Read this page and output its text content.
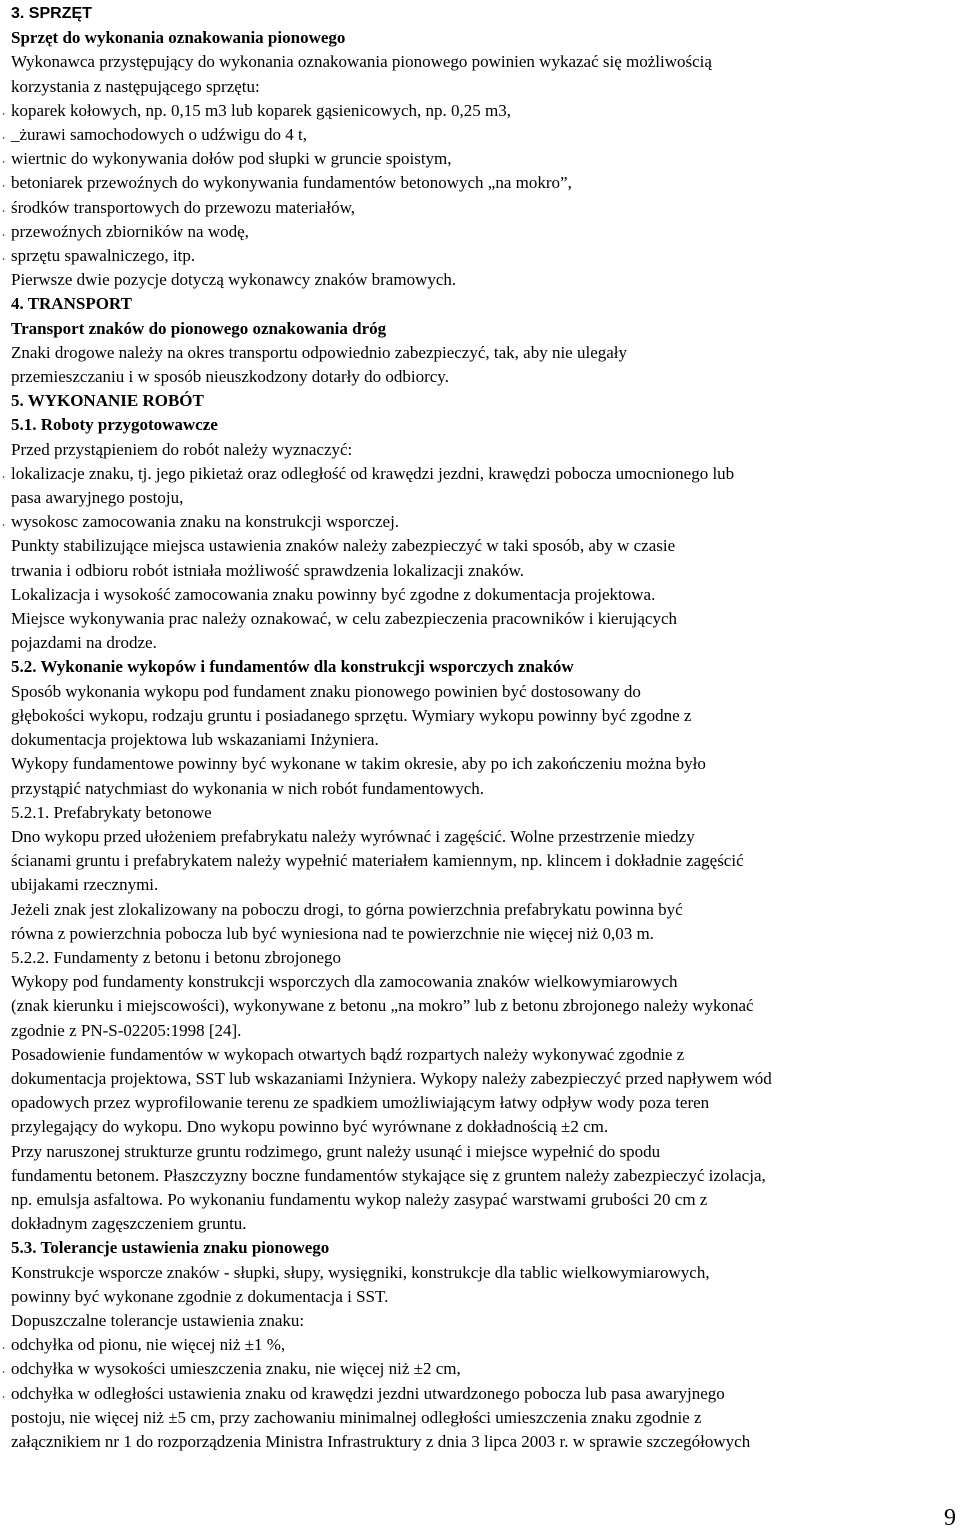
3. SPRZĘT
Sprzęt do wykonania oznakowania pionowego
Wykonawca przystępujący do wykonania oznakowania pionowego powinien wykazać się możliwością
korzystania z następującego sprzętu:
koparek kołowych, np. 0,15 m3 lub koparek gąsienicowych, np. 0,25 m3,
¸
_żurawi samochodowych o udźwigu do 4 t,
¸
wiertnic do wykonywania dołów pod słupki w gruncie spoistym,
¸
betoniarek przewoźnych do wykonywania fundamentów betonowych „na mokro”,
¸
środków transportowych do przewozu materiałów,
¸
przewoźnych zbiorników na wodę,
¸
sprzętu spawalniczego, itp.
¸
Pierwsze dwie pozycje dotyczą wykonawcy znaków bramowych.
4. TRANSPORT
Transport znaków do pionowego oznakowania dróg
Znaki drogowe należy na okres transportu odpowiednio zabezpieczyć, tak, aby nie ulegały
przemieszczaniu i w sposób nieuszkodzony dotarły do odbiorcy.
5. WYKONANIE ROBÓT
5.1. Roboty przygotowawcze
Przed przystąpieniem do robót należy wyznaczyć:
lokalizacje znaku, tj. jego pikietaż oraz odległość od krawędzi jezdni, krawędzi pobocza umocnionego lub
¸
pasa awaryjnego postoju,
wysokosc zamocowania znaku na konstrukcji wsporczej.
¸
Punkty stabilizujące miejsca ustawienia znaków należy zabezpieczyć w taki sposób, aby w czasie
trwania i odbioru robót istniała możliwość sprawdzenia lokalizacji znaków.
Lokalizacja i wysokość zamocowania znaku powinny być zgodne z dokumentacja projektowa.
Miejsce wykonywania prac należy oznakować, w celu zabezpieczenia pracowników i kierujących
pojazdami na drodze.
5.2. Wykonanie wykopów i fundamentów dla konstrukcji wsporczych znaków
Sposób wykonania wykopu pod fundament znaku pionowego powinien być dostosowany do
głębokości wykopu, rodzaju gruntu i posiadanego sprzętu. Wymiary wykopu powinny być zgodne z
dokumentacja projektowa lub wskazaniami Inżyniera.
Wykopy fundamentowe powinny być wykonane w takim okresie, aby po ich zakończeniu można było
przystąpić natychmiast do wykonania w nich robót fundamentowych.
5.2.1. Prefabrykaty betonowe
Dno wykopu przed ułożeniem prefabrykatu należy wyrównać i zagęścić. Wolne przestrzenie miedzy
ścianami gruntu i prefabrykatem należy wypełnić materiałem kamiennym, np. klincem i dokładnie zagęścić
ubijakami rzecznymi.
Jeżeli znak jest zlokalizowany na poboczu drogi, to górna powierzchnia prefabrykatu powinna być
równa z powierzchnia pobocza lub być wyniesiona nad te powierzchnie nie więcej niż 0,03 m.
5.2.2. Fundamenty z betonu i betonu zbrojonego
Wykopy pod fundamenty konstrukcji wsporczych dla zamocowania znaków wielkowymiarowych
(znak kierunku i miejscowości), wykonywane z betonu „na mokro” lub z betonu zbrojonego należy wykonać
zgodnie z PN-S-02205:1998 [24].
Posadowienie fundamentów w wykopach otwartych bądź rozpartych należy wykonywać zgodnie z
dokumentacja projektowa, SST lub wskazaniami Inżyniera. Wykopy należy zabezpieczyć przed napływem wód
opadowych przez wyprofilowanie terenu ze spadkiem umożliwiającym łatwy odpływ wody poza teren
przylegający do wykopu. Dno wykopu powinno być wyrównane z dokładnością ±2 cm.
Przy naruszonej strukturze gruntu rodzimego, grunt należy usunąć i miejsce wypełnić do spodu
fundamentu betonem. Płaszczyzny boczne fundamentów stykające się z gruntem należy zabezpieczyć izolacja,
np. emulsja asfaltowa. Po wykonaniu fundamentu wykop należy zasypać warstwami grubości 20 cm z
dokładnym zagęszczeniem gruntu.
5.3. Tolerancje ustawienia znaku pionowego
Konstrukcje wsporcze znaków - słupki, słupy, wysięgniki, konstrukcje dla tablic wielkowymiarowych,
powinny być wykonane zgodnie z dokumentacja i SST.
Dopuszczalne tolerancje ustawienia znaku:
odchyłka od pionu, nie więcej niż ±1 %,
¸
odchyłka w wysokości umieszczenia znaku, nie więcej niż ±2 cm,
¸
odchyłka w odległości ustawienia znaku od krawędzi jezdni utwardzonego pobocza lub pasa awaryjnego
¸
postoju, nie więcej niż ±5 cm, przy zachowaniu minimalnej odległości umieszczenia znaku zgodnie z
załącznikiem nr 1 do rozporządzenia Ministra Infrastruktury z dnia 3 lipca 2003 r. w sprawie szczegółowych
9
